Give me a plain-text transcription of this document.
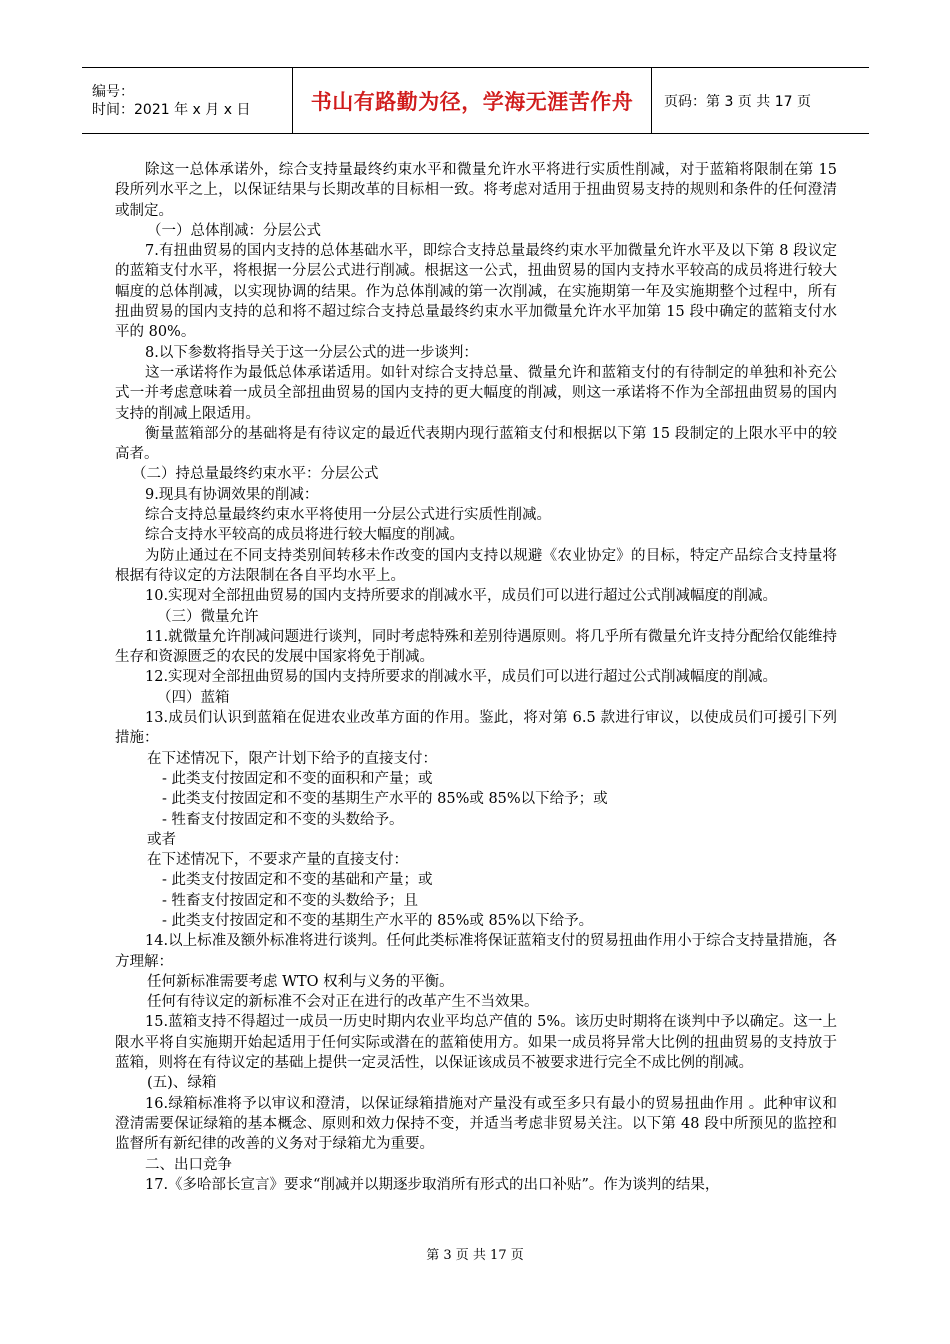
编号：
时间：2021 年 x 月 x 日	书山有路勤为径，学海无涯苦作舟	页码：第 3 页 共 17 页

除这一总体承诺外，综合支持量最终约束水平和微量允许水平将进行实质性削减，对于蓝箱将限制在第 15 段所列水平之上，以保证结果与长期改革的目标相一致。将考虑对适用于扭曲贸易支持的规则和条件的任何澄清或制定。

（一）总体削减：分层公式

7.有扭曲贸易的国内支持的总体基础水平，即综合支持总量最终约束水平加微量允许水平及以下第 8 段议定的蓝箱支付水平，将根据一分层公式进行削减。根据这一公式，扭曲贸易的国内支持水平较高的成员将进行较大幅度的总体削减，以实现协调的结果。作为总体削减的第一次削减，在实施期第一年及实施期整个过程中，所有扭曲贸易的国内支持的总和将不超过综合支持总量最终约束水平加微量允许水平加第 15 段中确定的蓝箱支付水平的 80%。

8.以下参数将指导关于这一分层公式的进一步谈判：

这一承诺将作为最低总体承诺适用。如针对综合支持总量、微量允许和蓝箱支付的有待制定的单独和补充公式一并考虑意味着一成员全部扭曲贸易的国内支持的更大幅度的削减，则这一承诺将不作为全部扭曲贸易的国内支持的削减上限适用。

衡量蓝箱部分的基础将是有待议定的最近代表期内现行蓝箱支付和根据以下第 15 段制定的上限水平中的较高者。

（二）持总量最终约束水平：分层公式

9.现具有协调效果的削减：

综合支持总量最终约束水平将使用一分层公式进行实质性削减。

综合支持水平较高的成员将进行较大幅度的削减。

为防止通过在不同支持类别间转移未作改变的国内支持以规避《农业协定》的目标，特定产品综合支持量将根据有待议定的方法限制在各自平均水平上。

10.实现对全部扭曲贸易的国内支持所要求的削减水平，成员们可以进行超过公式削减幅度的削减。

（三）微量允许

11.就微量允许削减问题进行谈判，同时考虑特殊和差别待遇原则。将几乎所有微量允许支持分配给仅能维持生存和资源匮乏的农民的发展中国家将免于削减。

12.实现对全部扭曲贸易的国内支持所要求的削减水平，成员们可以进行超过公式削减幅度的削减。

（四）蓝箱

13.成员们认识到蓝箱在促进农业改革方面的作用。鉴此，将对第 6.5 款进行审议，以使成员们可援引下列措施：

在下述情况下，限产计划下给予的直接支付：

- 此类支付按固定和不变的面积和产量；或

- 此类支付按固定和不变的基期生产水平的 85%或 85%以下给予；或

- 牲畜支付按固定和不变的头数给予。

或者

在下述情况下，不要求产量的直接支付：

- 此类支付按固定和不变的基础和产量；或

- 牲畜支付按固定和不变的头数给予；且

- 此类支付按固定和不变的基期生产水平的 85%或 85%以下给予。

14.以上标准及额外标准将进行谈判。任何此类标准将保证蓝箱支付的贸易扭曲作用小于综合支持量措施，各方理解：

任何新标准需要考虑 WTO 权利与义务的平衡。

任何有待议定的新标准不会对正在进行的改革产生不当效果。

15.蓝箱支持不得超过一成员一历史时期内农业平均总产值的 5%。该历史时期将在谈判中予以确定。这一上限水平将自实施期开始起适用于任何实际或潜在的蓝箱使用方。如果一成员将异常大比例的扭曲贸易的支持放于蓝箱，则将在有待议定的基础上提供一定灵活性，以保证该成员不被要求进行完全不成比例的削减。

(五)、绿箱

16.绿箱标准将予以审议和澄清，以保证绿箱措施对产量没有或至多只有最小的贸易扭曲作用 。此种审议和澄清需要保证绿箱的基本概念、原则和效力保持不变，并适当考虑非贸易关注。以下第 48 段中所预见的监控和监督所有新纪律的改善的义务对于绿箱尤为重要。

二、出口竞争

17.《多哈部长宣言》要求“削减并以期逐步取消所有形式的出口补贴”。作为谈判的结果，

第 3 页 共 17 页
